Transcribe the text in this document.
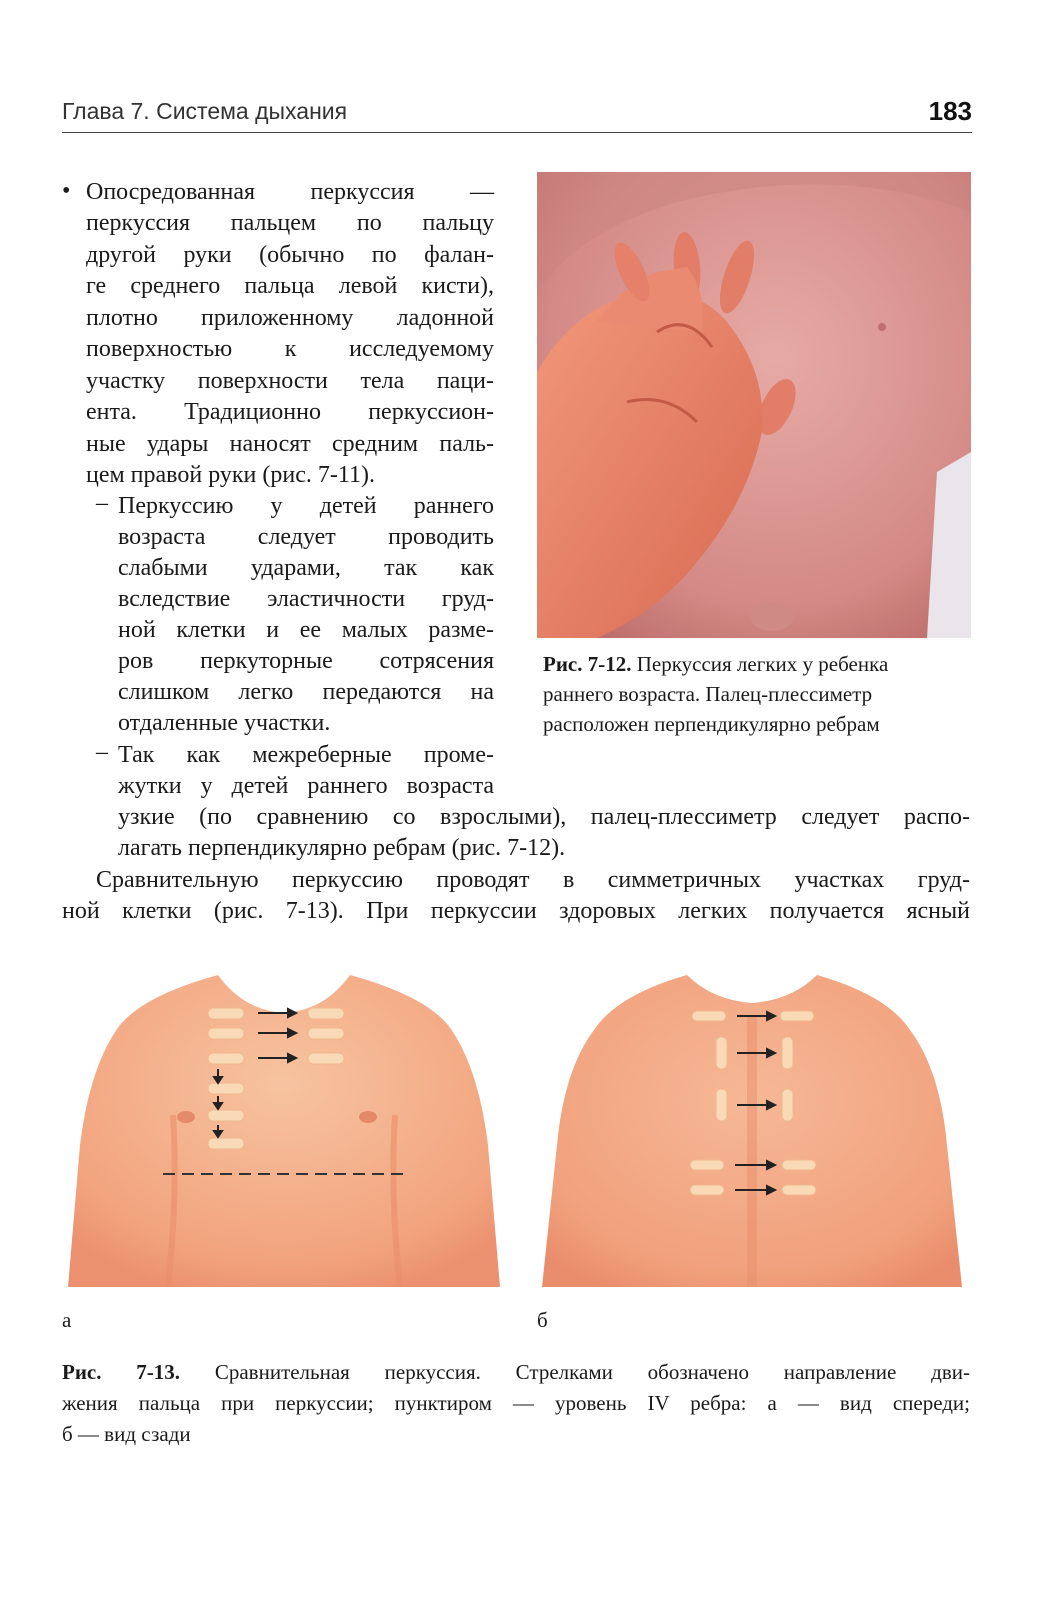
Глава 7. Система дыхания	183
• Опосредованная перкуссия —
перкуссия пальцем по пальцу
другой руки (обычно по фалан-
ге среднего пальца левой кисти),
плотно приложенному ладонной
поверхностью к исследуемому
участку поверхности тела паци-
ента. Традиционно перкуссион-
ные удары наносят средним паль-
цем правой руки (рис. 7-11).
– Перкуссию у детей раннего
возраста следует проводить
слабыми ударами, так как
вследствие эластичности груд-
ной клетки и ее малых разме-
ров перкуторные сотрясения
слишком легко передаются на
отдаленные участки.
– Так как межреберные проме-
жутки у детей раннего возраста
узкие (по сравнению со взрослыми), палец-плессиметр следует распо-
лагать перпендикулярно ребрам (рис. 7-12).
Сравнительную перкуссию проводят в симметричных участках груд-
ной клетки (рис. 7-13). При перкуссии здоровых легких получается ясный
Рис. 7-12. Перкуссия легких у ребенка
раннего возраста. Палец-плессиметр
расположен перпендикулярно ребрам
а	б
Рис. 7-13. Сравнительная перкуссия. Стрелками обозначено направление дви-
жения пальца при перкуссии; пунктиром — уровень IV ребра: а — вид спереди;
б — вид сзади
